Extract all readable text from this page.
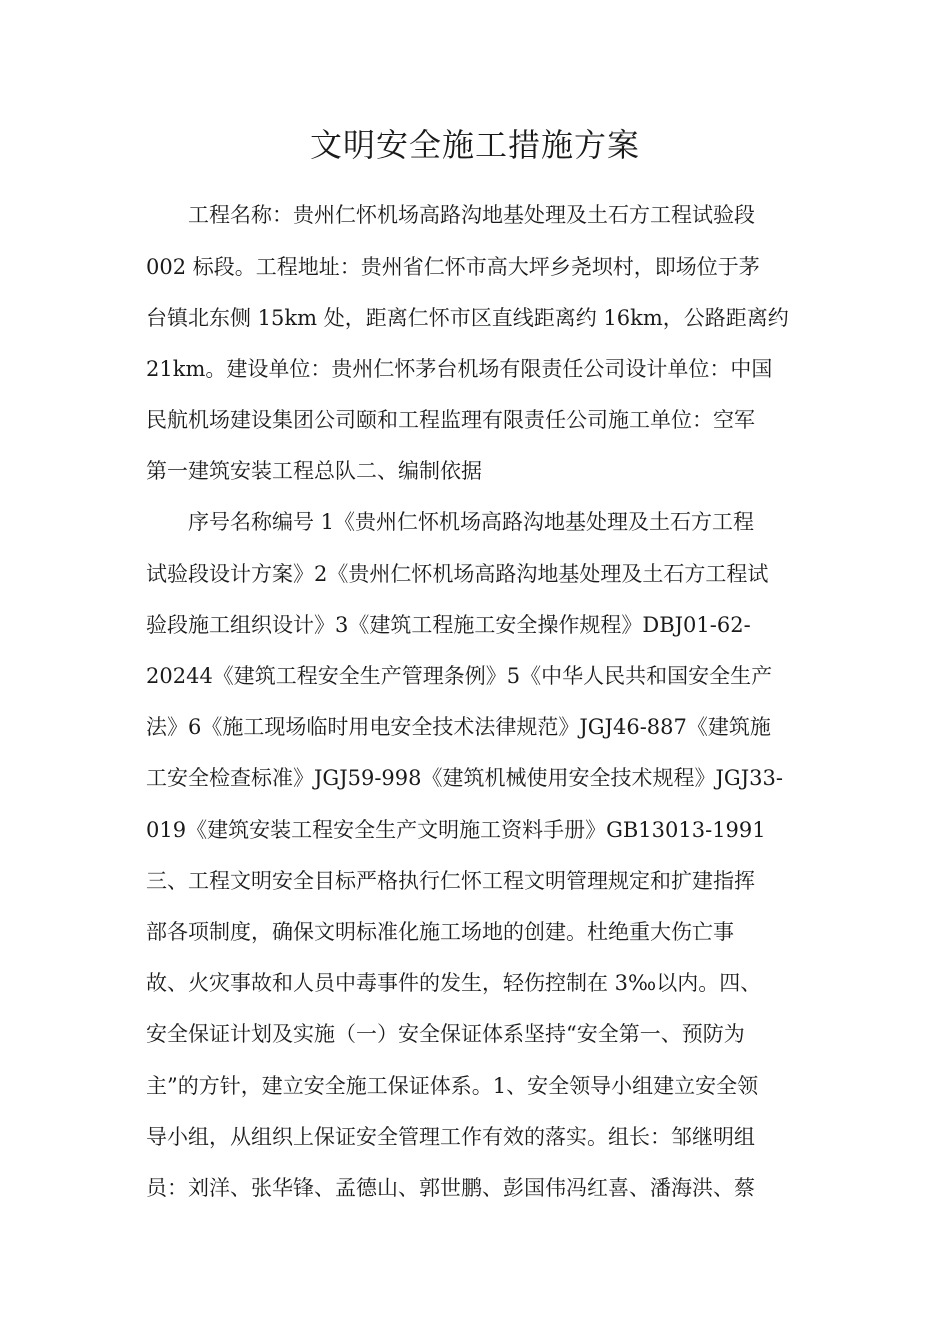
文明安全施工措施方案
工程名称：贵州仁怀机场高路沟地基处理及土石方工程试验段
002 标段。工程地址：贵州省仁怀市高大坪乡尧坝村，即场位于茅
台镇北东侧 15km 处，距离仁怀市区直线距离约 16km，公路距离约
21km。建设单位：贵州仁怀茅台机场有限责任公司设计单位：中国
民航机场建设集团公司颐和工程监理有限责任公司施工单位：空军
第一建筑安装工程总队二、编制依据
序号名称编号 1《贵州仁怀机场高路沟地基处理及土石方工程
试验段设计方案》2《贵州仁怀机场高路沟地基处理及土石方工程试
验段施工组织设计》3《建筑工程施工安全操作规程》DBJ01-62-
20244《建筑工程安全生产管理条例》5《中华人民共和国安全生产
法》6《施工现场临时用电安全技术法律规范》JGJ46-887《建筑施
工安全检查标准》JGJ59-998《建筑机械使用安全技术规程》JGJ33-
019《建筑安装工程安全生产文明施工资料手册》GB13013-1991
三、工程文明安全目标严格执行仁怀工程文明管理规定和扩建指挥
部各项制度，确保文明标准化施工场地的创建。杜绝重大伤亡事
故、火灾事故和人员中毒事件的发生，轻伤控制在 3‰以内。四、
安全保证计划及实施（一）安全保证体系坚持“安全第一、预防为
主”的方针，建立安全施工保证体系。1、安全领导小组建立安全领
导小组，从组织上保证安全管理工作有效的落实。组长：邹继明组
员：刘洋、张华锋、孟德山、郭世鹏、彭国伟冯红喜、潘海洪、蔡
